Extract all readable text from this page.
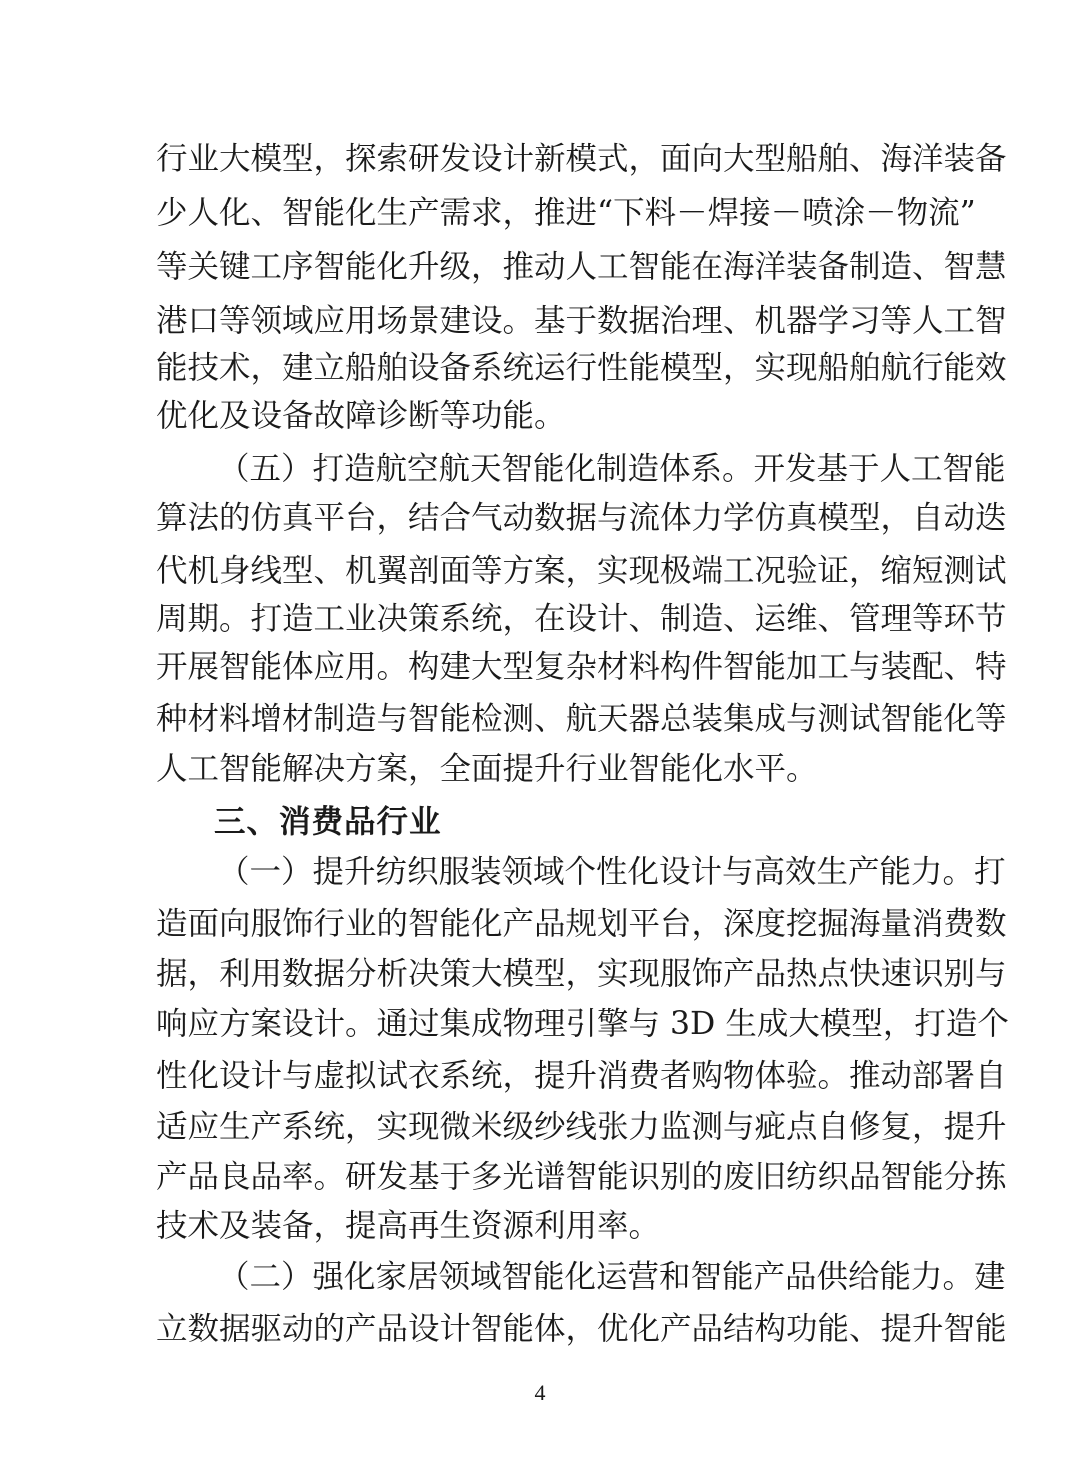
行业大模型，探索研发设计新模式，面向大型船舶、海洋装备
少人化、智能化生产需求，推进“下料－焊接－喷涂－物流”
等关键工序智能化升级，推动人工智能在海洋装备制造、智慧
港口等领域应用场景建设。基于数据治理、机器学习等人工智
能技术，建立船舶设备系统运行性能模型，实现船舶航行能效
优化及设备故障诊断等功能。
（五）打造航空航天智能化制造体系。开发基于人工智能
算法的仿真平台，结合气动数据与流体力学仿真模型，自动迭
代机身线型、机翼剖面等方案，实现极端工况验证，缩短测试
周期。打造工业决策系统，在设计、制造、运维、管理等环节
开展智能体应用。构建大型复杂材料构件智能加工与装配、特
种材料增材制造与智能检测、航天器总装集成与测试智能化等
人工智能解决方案，全面提升行业智能化水平。
三、消费品行业
（一）提升纺织服装领域个性化设计与高效生产能力。打
造面向服饰行业的智能化产品规划平台，深度挖掘海量消费数
据，利用数据分析决策大模型，实现服饰产品热点快速识别与
响应方案设计。通过集成物理引擎与 3D 生成大模型，打造个
性化设计与虚拟试衣系统，提升消费者购物体验。推动部署自
适应生产系统，实现微米级纱线张力监测与疵点自修复，提升
产品良品率。研发基于多光谱智能识别的废旧纺织品智能分拣
技术及装备，提高再生资源利用率。
（二）强化家居领域智能化运营和智能产品供给能力。建
立数据驱动的产品设计智能体，优化产品结构功能、提升智能
4
